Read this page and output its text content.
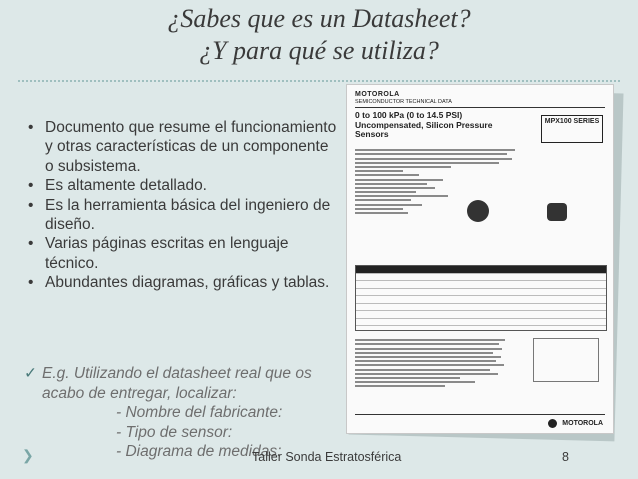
¿Sabes que es un Datasheet?
¿Y para qué se utiliza?
• Documento que resume el funcionamiento y otras características de un componente o subsistema.
• Es altamente detallado.
• Es la herramienta básica del ingeniero de diseño.
• Varias páginas escritas en lenguaje técnico.
• Abundantes diagramas, gráficas y tablas.
✓ E.g. Utilizando el datasheet real que os acabo de entregar, localizar:
- Nombre del fabricante:
- Tipo de sensor:
- Diagrama de medidas:
MOTOROLA
SEMICONDUCTOR TECHNICAL DATA
0 to 100 kPa (0 to 14.5 PSI) Uncompensated, Silicon Pressure Sensors
MPX100 SERIES
MOTOROLA
❯	Taller Sonda Estratosférica	8
